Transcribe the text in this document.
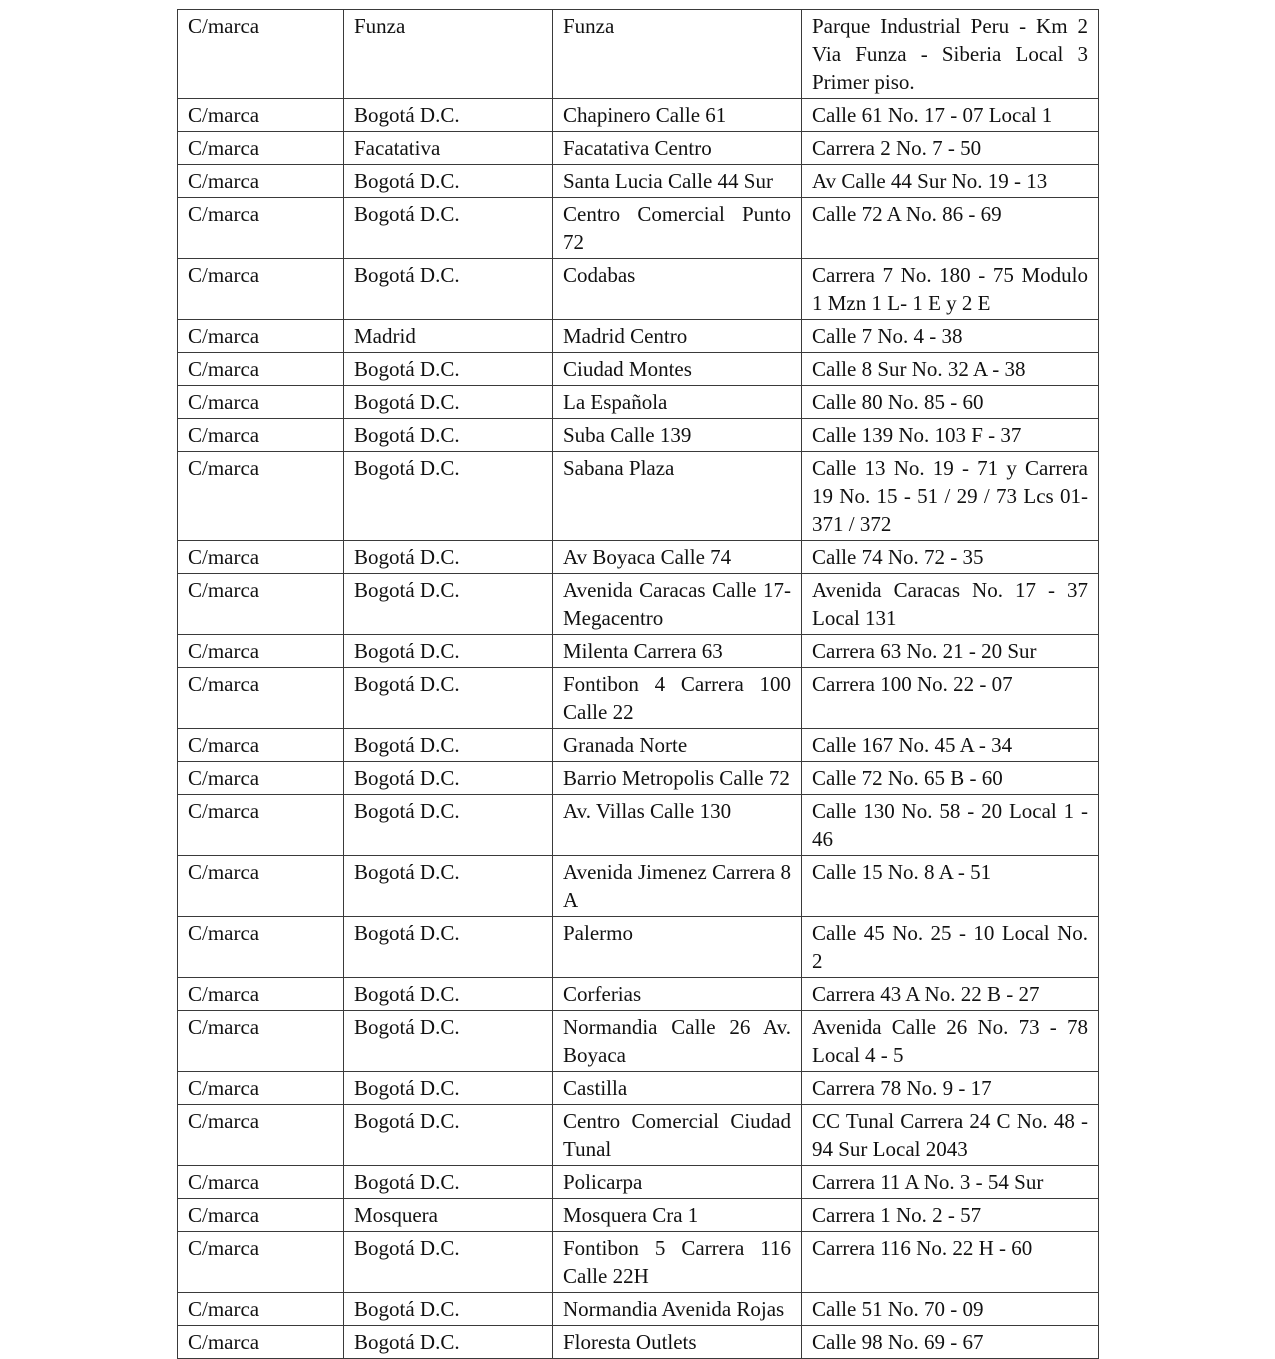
C/marca	Funza	Funza	Parque Industrial Peru - Km 2 Via Funza - Siberia Local 3 Primer piso.
C/marca	Bogotá D.C.	Chapinero Calle 61	Calle 61 No. 17 - 07 Local 1
C/marca	Facatativa	Facatativa Centro	Carrera 2 No. 7 - 50
C/marca	Bogotá D.C.	Santa Lucia Calle 44 Sur	Av Calle 44 Sur No. 19 - 13
C/marca	Bogotá D.C.	Centro Comercial Punto 72	Calle 72 A No. 86 - 69
C/marca	Bogotá D.C.	Codabas	Carrera 7 No. 180 - 75 Modulo 1 Mzn 1 L- 1 E y 2 E
C/marca	Madrid	Madrid Centro	Calle 7 No. 4 - 38
C/marca	Bogotá D.C.	Ciudad Montes	Calle 8 Sur No. 32 A - 38
C/marca	Bogotá D.C.	La Española	Calle 80 No. 85 - 60
C/marca	Bogotá D.C.	Suba Calle 139	Calle 139 No. 103 F - 37
C/marca	Bogotá D.C.	Sabana Plaza	Calle 13 No. 19 - 71 y Carrera 19 No. 15 - 51 / 29 / 73 Lcs 01- 371 / 372
C/marca	Bogotá D.C.	Av Boyaca Calle 74	Calle 74 No. 72 - 35
C/marca	Bogotá D.C.	Avenida Caracas Calle 17-Megacentro	Avenida Caracas No. 17 - 37 Local 131
C/marca	Bogotá D.C.	Milenta Carrera 63	Carrera 63 No. 21 - 20 Sur
C/marca	Bogotá D.C.	Fontibon 4 Carrera 100 Calle 22	Carrera 100 No. 22 - 07
C/marca	Bogotá D.C.	Granada Norte	Calle 167 No. 45 A - 34
C/marca	Bogotá D.C.	Barrio Metropolis Calle 72	Calle 72 No. 65 B - 60
C/marca	Bogotá D.C.	Av. Villas Calle 130	Calle 130 No. 58 - 20 Local 1 - 46
C/marca	Bogotá D.C.	Avenida Jimenez Carrera 8 A	Calle 15 No. 8 A - 51
C/marca	Bogotá D.C.	Palermo	Calle 45 No. 25 - 10 Local No. 2
C/marca	Bogotá D.C.	Corferias	Carrera 43 A No. 22 B - 27
C/marca	Bogotá D.C.	Normandia Calle 26 Av. Boyaca	Avenida Calle 26 No. 73 - 78 Local 4 - 5
C/marca	Bogotá D.C.	Castilla	Carrera 78 No. 9 - 17
C/marca	Bogotá D.C.	Centro Comercial Ciudad Tunal	CC Tunal Carrera 24 C No. 48 - 94 Sur Local 2043
C/marca	Bogotá D.C.	Policarpa	Carrera 11 A No. 3 - 54 Sur
C/marca	Mosquera	Mosquera Cra 1	Carrera 1 No. 2 - 57
C/marca	Bogotá D.C.	Fontibon 5 Carrera 116 Calle 22H	Carrera 116 No. 22 H - 60
C/marca	Bogotá D.C.	Normandia Avenida Rojas	Calle 51 No. 70 - 09
C/marca	Bogotá D.C.	Floresta Outlets	Calle 98 No. 69 - 67
